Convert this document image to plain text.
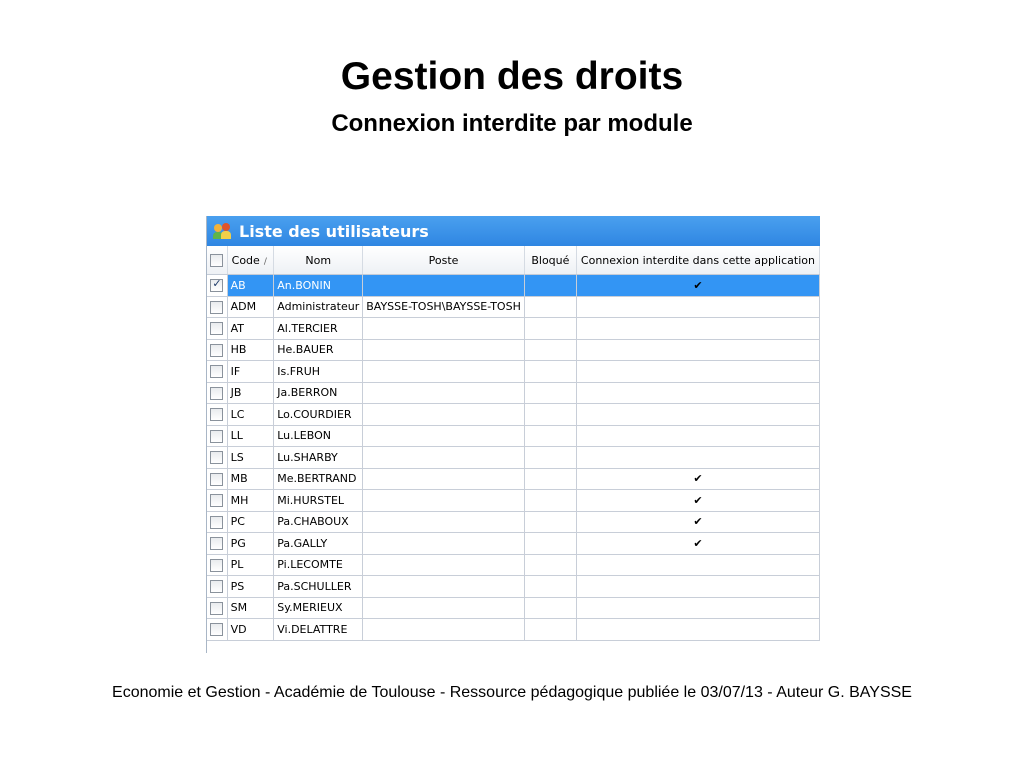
Gestion des droits
Connexion interdite par module
Liste des utilisateurs
	Code /	Nom	Poste	Bloqué	Connexion interdite dans cette application
✓	AB	An.BONIN			✔
	ADM	Administrateur	BAYSSE-TOSH\BAYSSE-TOSH		
	AT	Al.TERCIER			
	HB	He.BAUER			
	IF	Is.FRUH			
	JB	Ja.BERRON			
	LC	Lo.COURDIER			
	LL	Lu.LEBON			
	LS	Lu.SHARBY			
	MB	Me.BERTRAND			✔
	MH	Mi.HURSTEL			✔
	PC	Pa.CHABOUX			✔
	PG	Pa.GALLY			✔
	PL	Pi.LECOMTE			
	PS	Pa.SCHULLER			
	SM	Sy.MERIEUX			
	VD	Vi.DELATTRE			
Economie et Gestion - Académie de Toulouse - Ressource pédagogique publiée le 03/07/13 - Auteur G. BAYSSE
